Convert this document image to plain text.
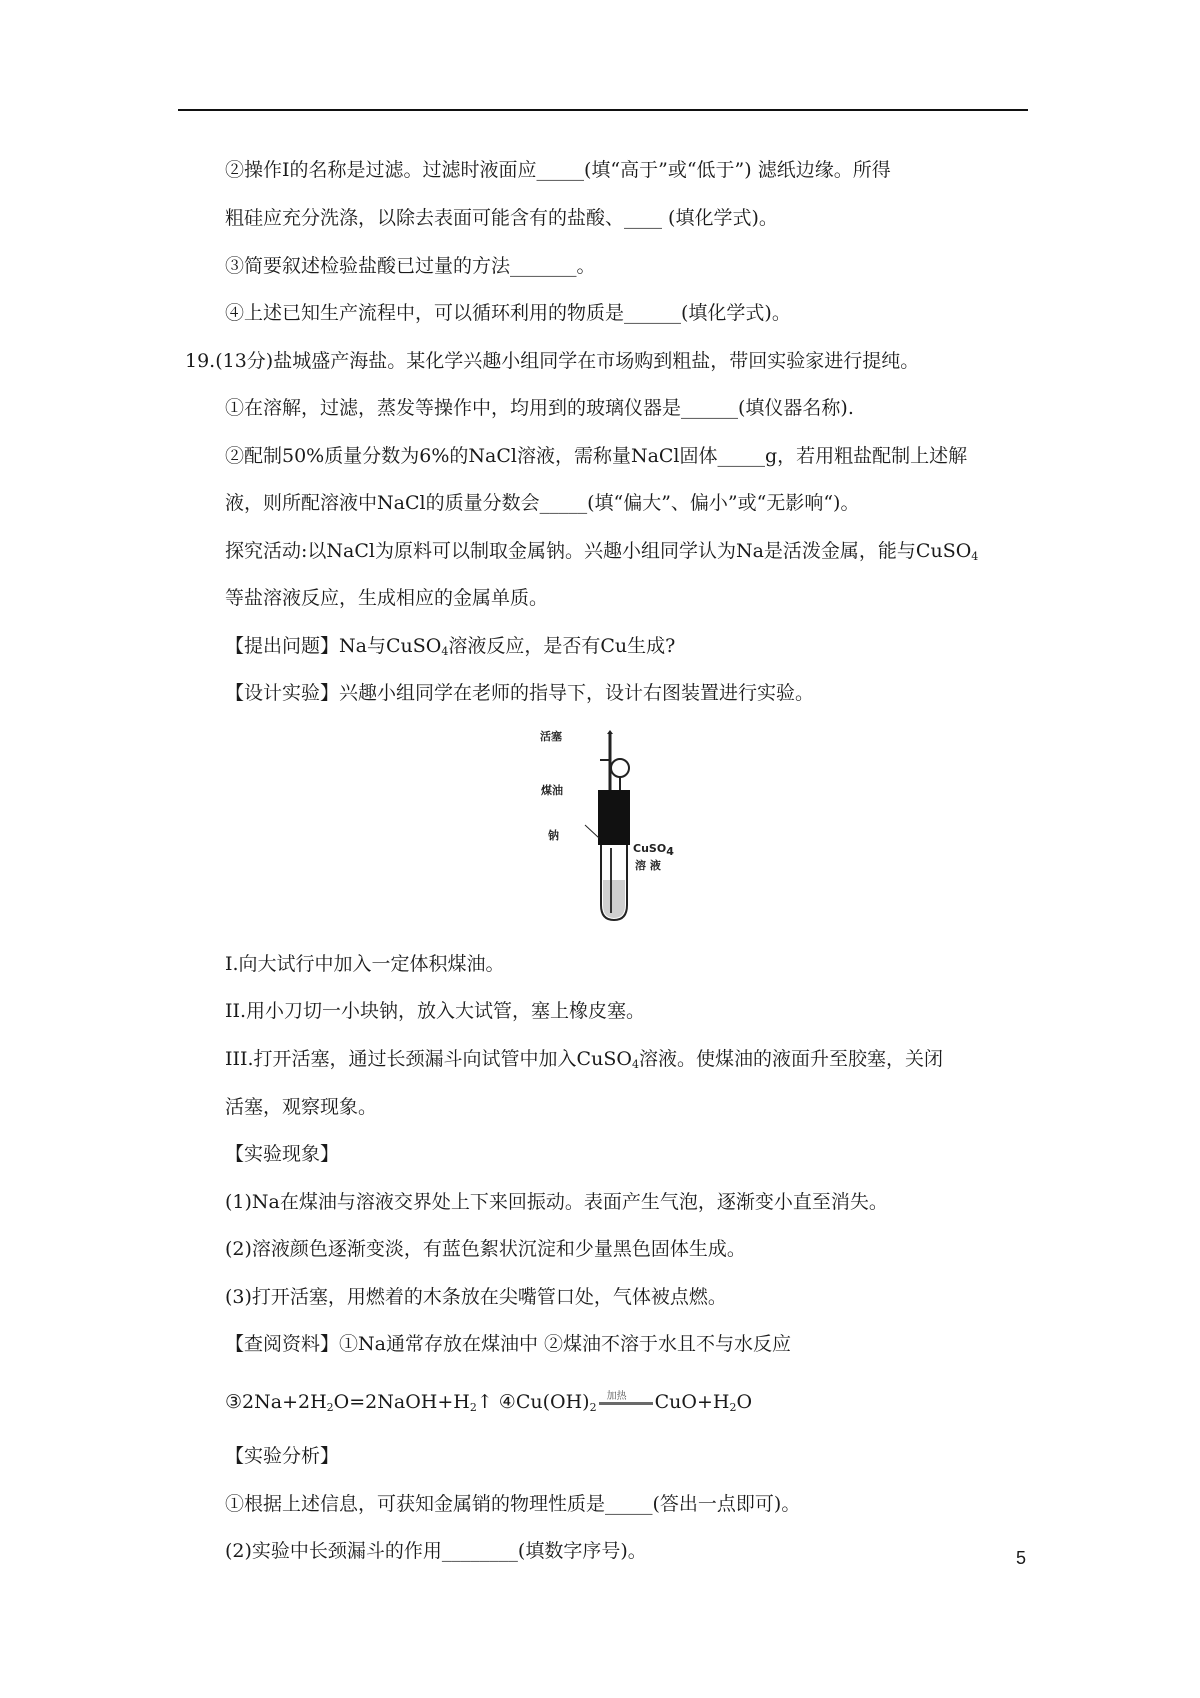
②操作Ⅰ的名称是过滤。过滤时液面应_____(填“高于”或“低于”) 滤纸边缘。所得
粗硅应充分洗涤，以除去表面可能含有的盐酸、____ (填化学式)。
③简要叙述检验盐酸已过量的方法_______。
④上述已知生产流程中，可以循环利用的物质是______(填化学式)。
19.(13分)盐城盛产海盐。某化学兴趣小组同学在市场购到粗盐，带回实验家进行提纯。
①在溶解，过滤，蒸发等操作中，均用到的玻璃仪器是______(填仪器名称).
②配制50%质量分数为6%的NaCl溶液，需称量NaCl固体_____g，若用粗盐配制上述解
液，则所配溶液中NaCl的质量分数会_____(填“偏大”、偏小”或“无影响“)。
探究活动:以NaCl为原料可以制取金属钠。兴趣小组同学认为Na是活泼金属，能与CuSO$_4$
等盐溶液反应，生成相应的金属单质。
【提出问题】Na与CuSO$_4$溶液反应，是否有Cu生成?
【设计实验】兴趣小组同学在老师的指导下，设计右图装置进行实验。
活塞
煤油
钠
CuSO$_4$
溶 液
I.向大试行中加入一定体积煤油。
II.用小刀切一小块钠，放入大试管，塞上橡皮塞。
III.打开活塞，通过长颈漏斗向试管中加入CuSO$_4$溶液。使煤油的液面升至胶塞，关闭
活塞，观察现象。
【实验现象】
(1)Na在煤油与溶液交界处上下来回振动。表面产生气泡，逐渐变小直至消失。
(2)溶液颜色逐渐变淡，有蓝色絮状沉淀和少量黑色固体生成。
(3)打开活塞，用燃着的木条放在尖嘴管口处，气体被点燃。
【查阅资料】①Na通常存放在煤油中 ②煤油不溶于水且不与水反应
$③2Na+2H_2O=2NaOH+H_2↑$ $④Cu(OH)_2$
加热 $CuO+H_2O$
【实验分析】
①根据上述信息，可获知金属销的物理性质是_____(答出一点即可)。
(2)实验中长颈漏斗的作用________(填数字序号)。	5
